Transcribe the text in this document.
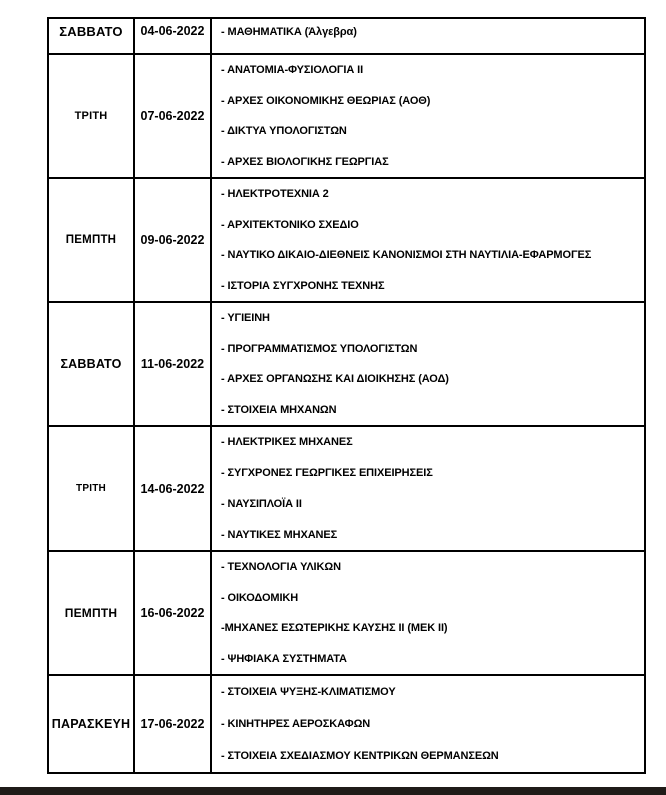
ΣΑΒΒΑΤΟ	04-06-2022	- ΜΑΘΗΜΑΤΙΚΑ (Άλγεβρα)
ΤΡΙΤΗ	07-06-2022
- ΑΝΑΤΟΜΙΑ-ΦΥΣΙΟΛΟΓΙΑ ΙΙ
- ΑΡΧΕΣ ΟΙΚΟΝΟΜΙΚΗΣ ΘΕΩΡΙΑΣ (ΑΟΘ)
- ΔΙΚΤΥΑ ΥΠΟΛΟΓΙΣΤΩΝ
- ΑΡΧΕΣ ΒΙΟΛΟΓΙΚΗΣ ΓΕΩΡΓΙΑΣ
ΠΕΜΠΤΗ	09-06-2022
- ΗΛΕΚΤΡΟΤΕΧΝΙΑ 2
- ΑΡΧΙΤΕΚΤΟΝΙΚΟ ΣΧΕΔΙΟ
- ΝΑΥΤΙΚΟ ΔΙΚΑΙΟ-ΔΙΕΘΝΕΙΣ ΚΑΝΟΝΙΣΜΟΙ ΣΤΗ ΝΑΥΤΙΛΙΑ-ΕΦΑΡΜΟΓΕΣ
- ΙΣΤΟΡΙΑ ΣΥΓΧΡΟΝΗΣ ΤΕΧΝΗΣ
ΣΑΒΒΑΤΟ	11-06-2022
- ΥΓΙΕΙΝΗ
- ΠΡΟΓΡΑΜΜΑΤΙΣΜΟΣ ΥΠΟΛΟΓΙΣΤΩΝ
- ΑΡΧΕΣ ΟΡΓΑΝΩΣΗΣ ΚΑΙ ΔΙΟΙΚΗΣΗΣ (ΑΟΔ)
- ΣΤΟΙΧΕΙΑ ΜΗΧΑΝΩΝ
ΤΡΙΤΗ	14-06-2022
- ΗΛΕΚΤΡΙΚΕΣ ΜΗΧΑΝΕΣ
- ΣΥΓΧΡΟΝΕΣ ΓΕΩΡΓΙΚΕΣ ΕΠΙΧΕΙΡΗΣΕΙΣ
- ΝΑΥΣΙΠΛΟΪΑ ΙΙ
- ΝΑΥΤΙΚΕΣ ΜΗΧΑΝΕΣ
ΠΕΜΠΤΗ	16-06-2022
- ΤΕΧΝΟΛΟΓΙΑ ΥΛΙΚΩΝ
- ΟΙΚΟΔΟΜΙΚΗ
-ΜΗΧΑΝΕΣ ΕΣΩΤΕΡΙΚΗΣ ΚΑΥΣΗΣ ΙΙ (ΜΕΚ ΙΙ)
- ΨΗΦΙΑΚΑ ΣΥΣΤΗΜΑΤΑ
ΠΑΡΑΣΚΕΥΗ 17-06-2022
- ΣΤΟΙΧΕΙΑ ΨΥΞΗΣ-ΚΛΙΜΑΤΙΣΜΟΥ
- ΚΙΝΗΤΗΡΕΣ ΑΕΡΟΣΚΑΦΩΝ
- ΣΤΟΙΧΕΙΑ ΣΧΕΔΙΑΣΜΟΥ ΚΕΝΤΡΙΚΩΝ ΘΕΡΜΑΝΣΕΩΝ
